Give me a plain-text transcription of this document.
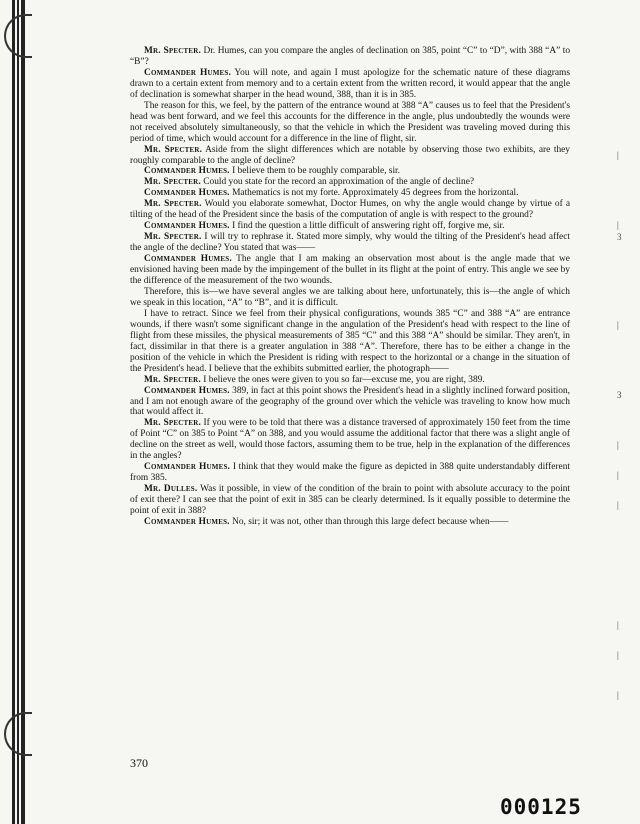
|
|
3
|
3
|
|
|
|
|
|

Mr. Specter. Dr. Humes, can you compare the angles of declination on 385, point “C” to “D”, with 388 “A” to “B”?

Commander Humes. You will note, and again I must apologize for the schematic nature of these diagrams drawn to a certain extent from memory and to a certain extent from the written record, it would appear that the angle of declination is somewhat sharper in the head wound, 388, than it is in 385.

The reason for this, we feel, by the pattern of the entrance wound at 388 “A” causes us to feel that the President's head was bent forward, and we feel this accounts for the difference in the angle, plus undoubtedly the wounds were not received absolutely simultaneously, so that the vehicle in which the President was traveling moved during this period of time, which would account for a difference in the line of flight, sir.

Mr. Specter. Aside from the slight differences which are notable by observing those two exhibits, are they roughly comparable to the angle of decline?

Commander Humes. I believe them to be roughly comparable, sir.

Mr. Specter. Could you state for the record an approximation of the angle of decline?

Commander Humes. Mathematics is not my forte. Approximately 45 degrees from the horizontal.

Mr. Specter. Would you elaborate somewhat, Doctor Humes, on why the angle would change by virtue of a tilting of the head of the President since the basis of the computation of angle is with respect to the ground?

Commander Humes. I find the question a little difficult of answering right off, forgive me, sir.

Mr. Specter. I will try to rephrase it. Stated more simply, why would the tilting of the President's head affect the angle of the decline? You stated that was——

Commander Humes. The angle that I am making an observation most about is the angle made that we envisioned having been made by the impingement of the bullet in its flight at the point of entry. This angle we see by the difference of the measurement of the two wounds.

Therefore, this is—we have several angles we are talking about here, unfortunately, this is—the angle of which we speak in this location, “A” to “B”, and it is difficult.

I have to retract. Since we feel from their physical configurations, wounds 385 “C” and 388 “A” are entrance wounds, if there wasn't some significant change in the angulation of the President's head with respect to the line of flight from these missiles, the physical measurements of 385 “C” and this 388 “A” should be similar. They aren't, in fact, dissimilar in that there is a greater angulation in 388 “A”. Therefore, there has to be either a change in the position of the vehicle in which the President is riding with respect to the horizontal or a change in the situation of the President's head. I believe that the exhibits submitted earlier, the photograph——

Mr. Specter. I believe the ones were given to you so far—excuse me, you are right, 389.

Commander Humes. 389, in fact at this point shows the President's head in a slightly inclined forward position, and I am not enough aware of the geography of the ground over which the vehicle was traveling to know how much that would affect it.

Mr. Specter. If you were to be told that there was a distance traversed of approximately 150 feet from the time of Point “C” on 385 to Point “A” on 388, and you would assume the additional factor that there was a slight angle of decline on the street as well, would those factors, assuming them to be true, help in the explanation of the differences in the angles?

Commander Humes. I think that they would make the figure as depicted in 388 quite understandably different from 385.

Mr. Dulles. Was it possible, in view of the condition of the brain to point with absolute accuracy to the point of exit there? I can see that the point of exit in 385 can be clearly determined. Is it equally possible to determine the point of exit in 388?

Commander Humes. No, sir; it was not, other than through this large defect because when——

370
000125
